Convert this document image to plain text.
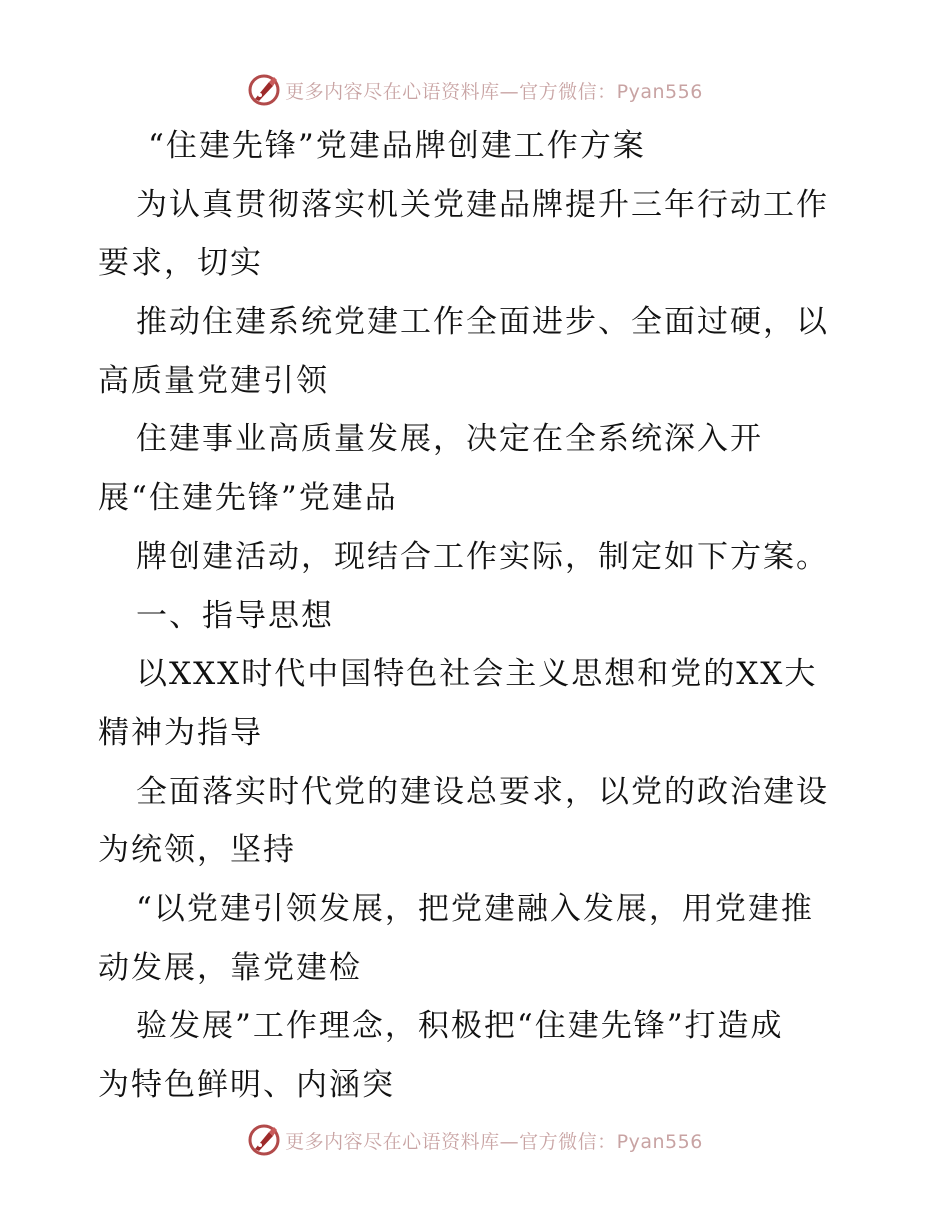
更多内容尽在心语资料库—官方微信：Pyan556
“住建先锋”党建品牌创建工作方案
为认真贯彻落实机关党建品牌提升三年行动工作
要求，切实
推动住建系统党建工作全面进步、全面过硬，以
高质量党建引领
住建事业高质量发展，决定在全系统深入开
展“住建先锋”党建品
牌创建活动，现结合工作实际，制定如下方案。
一、指导思想
以XXX时代中国特色社会主义思想和党的XX大
精神为指导
全面落实时代党的建设总要求，以党的政治建设
为统领，坚持
“以党建引领发展，把党建融入发展，用党建推
动发展，靠党建检
验发展”工作理念，积极把“住建先锋”打造成
为特色鲜明、内涵突
更多内容尽在心语资料库—官方微信：Pyan556
